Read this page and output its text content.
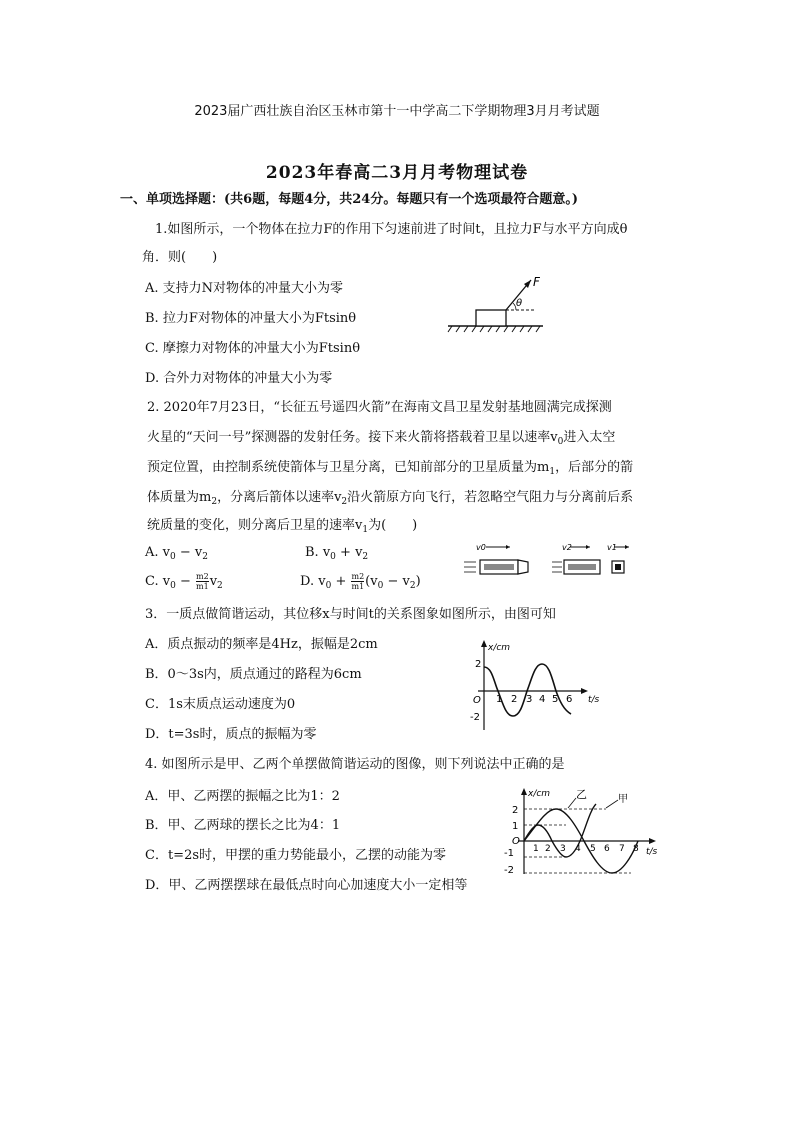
2023届广西壮族自治区玉林市第十一中学高二下学期物理3月月考试题
2023年春高二3月月考物理试卷
一、单项选择题：(共6题，每题4分，共24分。每题只有一个选项最符合题意。)
1.如图所示，一个物体在拉力F的作用下匀速前进了时间t，且拉力F与水平方向成θ
角．则(　　)
A. 支持力N对物体的冲量大小为零
B. 拉力F对物体的冲量大小为Ftsinθ
C. 摩擦力对物体的冲量大小为Ftsinθ
D. 合外力对物体的冲量大小为零
F
θ
2. 2020年7月23日，“长征五号遥四火箭”在海南文昌卫星发射基地圆满完成探测
火星的“天问一号”探测器的发射任务。接下来火箭将搭载着卫星以速率$v_0$进入太空
预定位置，由控制系统使箭体与卫星分离，已知前部分的卫星质量为$m_1$，后部分的箭
体质量为$m_2$，分离后箭体以速率$v_2$沿火箭原方向飞行，若忽略空气阻力与分离前后系
统质量的变化，则分离后卫星的速率$v_1$为(　　)
A. $v_0 - v_2$	B. $v_0 + v_2$
C. $v_0 - \frac{m2}{m1} v_2$	D. $v_0 + \frac{m2}{m1} (v_0 - v_2)$
v0	v2	v1
3．一质点做简谐运动，其位移x与时间t的关系图象如图所示，由图可知
A．质点振动的频率是4Hz，振幅是2cm
B．0～3s内，质点通过的路程为6cm
C．1s末质点运动速度为0
D．t=3s时，质点的振幅为零
x/cm
t/s
O
2
-2
1 2 3 4 5 6
4. 如图所示是甲、乙两个单摆做简谐运动的图像，则下列说法中正确的是
A．甲、乙两摆的振幅之比为1：2
B．甲、乙两球的摆长之比为4：1
C．t=2s时，甲摆的重力势能最小，乙摆的动能为零
D．甲、乙两摆摆球在最低点时向心加速度大小一定相等
x/cm
t/s
2
1
O
-1
-2
1 2 3 4 5 6 7 8
乙	甲
